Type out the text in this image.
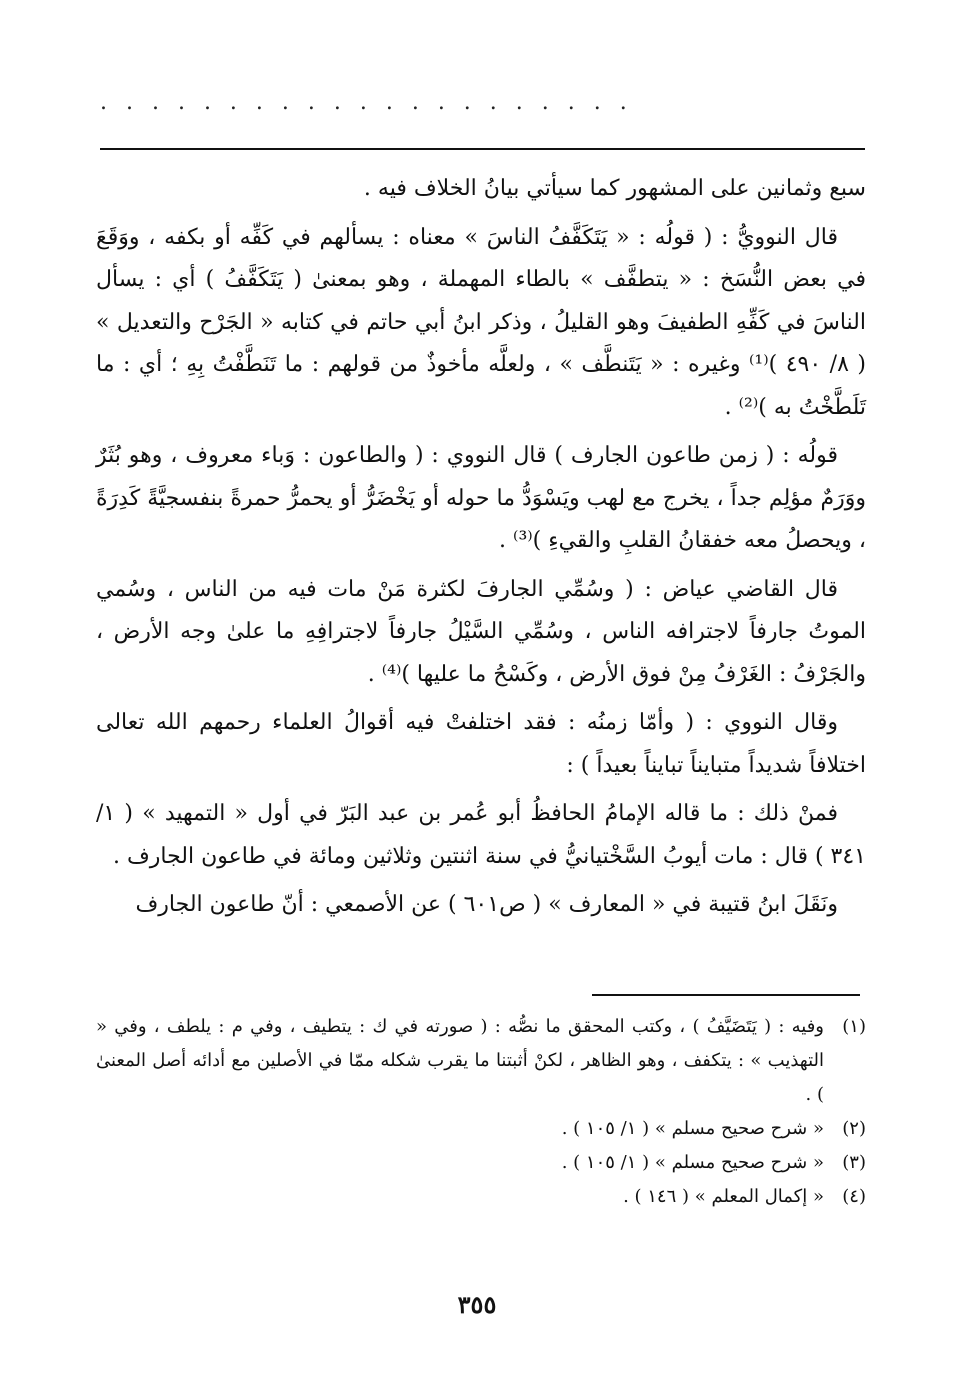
. . . . . . . . . . . . . . . . . . . . .

سبع وثمانين على المشهور كما سيأتي بيانُ الخلاف فيه .

قال النوويُّ : ( قولُه : « يَتَكَفَّفُ الناسَ » معناه : يسألهم في كَفِّه أو بكفه ، ووَقَعَ في بعض النُّسَخ : « يتطفَّف » بالطاء المهملة ، وهو بمعنىٰ ( يَتَكَفَّفُ ) أي : يسأل الناسَ في كَفِّهِ الطفيفَ وهو القليلُ ، وذكر ابنُ أبي حاتم في كتابه « الجَرْح والتعديل » ( ٨/ ٤٩٠ )⁽¹⁾ وغيره : « يَتَنطَّف » ، ولعلَّه مأخوذٌ من قولهم : ما تَنَطَّفْتُ بِهِ ؛ أي : ما تَلَطَّخْتُ به )⁽²⁾ .

قولُه : ( زمن طاعون الجارف ) قال النووي : ( والطاعون : وَباء معروف ، وهو بُثَرٌ ووَرَمٌ مؤلِم جداً ، يخرج مع لهب ويَسْوَدُّ ما حوله أو يَخْضَرُّ أو يحمرُّ حمرةً بنفسجيَّةً كَدِرَةً ، ويحصلُ معه خفقانُ القلبِ والقيءِ )⁽³⁾ .

قال القاضي عياض : ( وسُمِّي الجارفَ لكثرة مَنْ مات فيه من الناس ، وسُمي الموتُ جارفاً لاجترافه الناس ، وسُمِّي السَّيْلُ جارفاً لاجترافِهِ ما علىٰ وجه الأرض ، والجَرْفُ : الغَرْفُ مِنْ فوق الأرض ، وكَسْحُ ما عليها )⁽⁴⁾ .

وقال النووي : ( وأمّا زمنُه : فقد اختلفتْ فيه أقوالُ العلماء رحمهم الله تعالى اختلافاً شديداً متبايناً تبايناً بعيداً ) :

فمنْ ذلك : ما قاله الإمامُ الحافظُ أبو عُمر بن عبد البَرّ في أول « التمهيد » ( ١/ ٣٤١ ) قال : مات أيوبُ السَّخْتيانيُّ في سنة اثنتين وثلاثين ومائة في طاعون الجارف .

ونَقَلَ ابنُ قتيبة في « المعارف » ( ص٦٠١ ) عن الأصمعي : أنّ طاعون الجارف

(١)
وفيه : ( يَتَضَيَّفُ ) ، وكتب المحقق ما نصُّه : ( صورته في ك : يتطيف ، وفي م : يلطف ، وفي « التهذيب » : يتكفف ، وهو الظاهر ، لكنْ أثبتنا ما يقرب شكله ممّا في الأصلين مع أدائه أصل المعنىٰ ) .
(٢)
« شرح صحيح مسلم » ( ١/ ١٠٥ ) .
(٣)
« شرح صحيح مسلم » ( ١/ ١٠٥ ) .
(٤)
« إكمال المعلم » ( ١٤٦ ) .
٣٥٥
